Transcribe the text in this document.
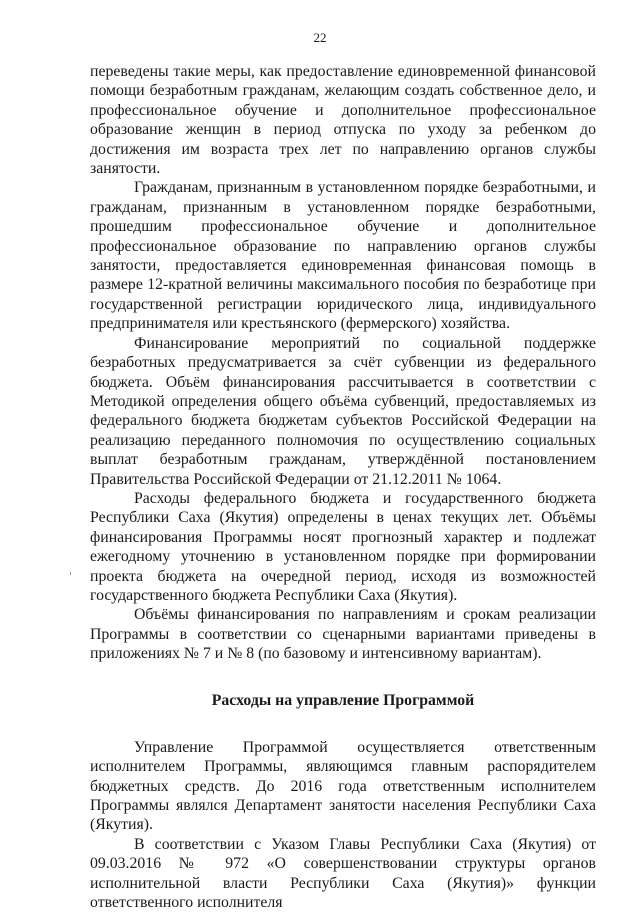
22

переведены такие меры, как предоставление единовременной финансовой помощи безработным гражданам, желающим создать собственное дело, и профессиональное обучение и дополнительное профессиональное образование женщин в период отпуска по уходу за ребенком до достижения им возраста трех лет по направлению органов службы занятости.

Гражданам, признанным в установленном порядке безработными, и гражданам, признанным в установленном порядке безработными, прошедшим профессиональное обучение и дополнительное профессиональное образование по направлению органов службы занятости, предоставляется единовременная финансовая помощь в размере 12-кратной величины максимального пособия по безработице при государственной регистрации юридического лица, индивидуального предпринимателя или крестьянского (фермерского) хозяйства.

Финансирование мероприятий по социальной поддержке безработных предусматривается за счёт субвенции из федерального бюджета. Объём финансирования рассчитывается в соответствии с Методикой определения общего объёма субвенций, предоставляемых из федерального бюджета бюджетам субъектов Российской Федерации на реализацию переданного полномочия по осуществлению социальных выплат безработным гражданам, утверждённой постановлением Правительства Российской Федерации от 21.12.2011 № 1064.

Расходы федерального бюджета и государственного бюджета Республики Саха (Якутия) определены в ценах текущих лет. Объёмы финансирования Программы носят прогнозный характер и подлежат ежегодному уточнению в установленном порядке при формировании проекта бюджета на очередной период, исходя из возможностей государственного бюджета Республики Саха (Якутия).

Объёмы финансирования по направлениям и срокам реализации Программы в соответствии со сценарными вариантами приведены в приложениях № 7 и № 8 (по базовому и интенсивному вариантам).

Расходы на управление Программой

Управление Программой осуществляется ответственным исполнителем Программы, являющимся главным распорядителем бюджетных средств. До 2016 года ответственным исполнителем Программы являлся Департамент занятости населения Республики Саха (Якутия).

В соответствии с Указом Главы Республики Саха (Якутия) от 09.03.2016 № 972 «О совершенствовании структуры органов исполнительной власти Республики Саха (Якутия)» функции ответственного исполнителя
